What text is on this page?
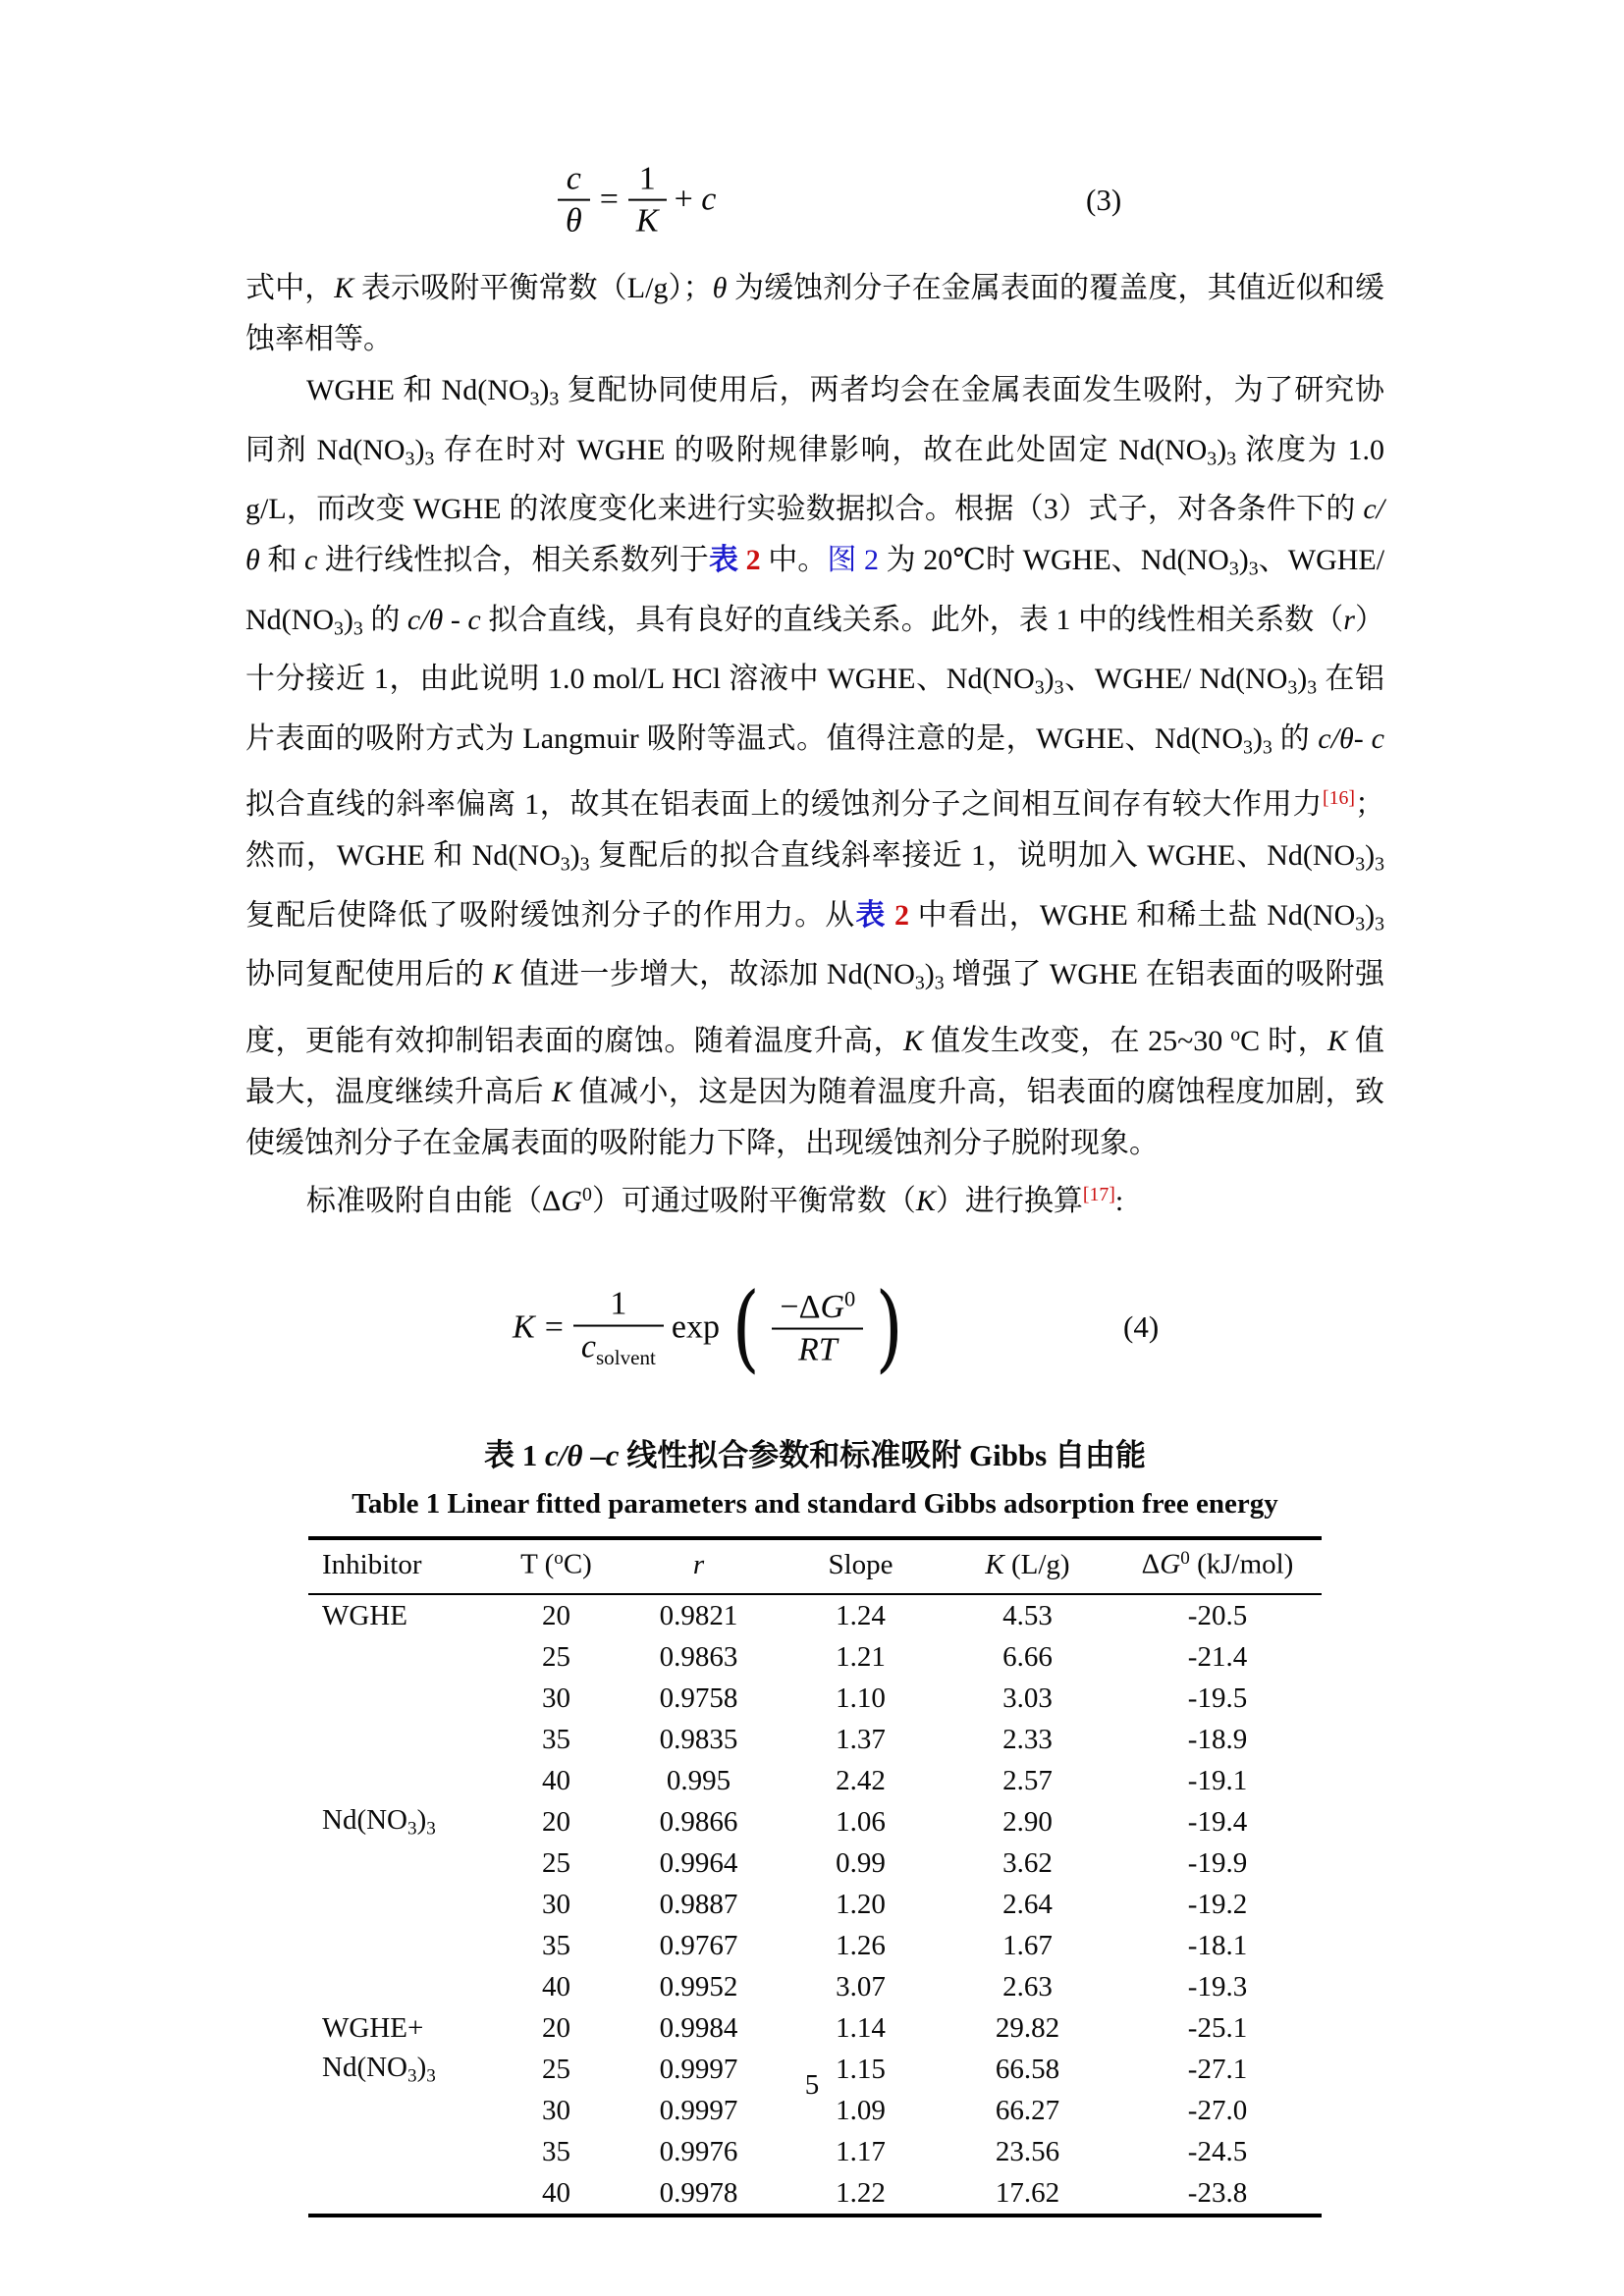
$\frac{c}{\theta} = \frac{1}{K} + c$	(3)

式中，K 表示吸附平衡常数（L/g）；θ 为缓蚀剂分子在金属表面的覆盖度，其值近似和缓蚀率相等。

WGHE 和 Nd(NO3)3 复配协同使用后，两者均会在金属表面发生吸附，为了研究协同剂 Nd(NO3)3 存在时对 WGHE 的吸附规律影响，故在此处固定 Nd(NO3)3 浓度为 1.0 g/L，而改变 WGHE 的浓度变化来进行实验数据拟合。根据（3）式子，对各条件下的 c/θ 和 c 进行线性拟合，相关系数列于表 2 中。图 2 为 20℃时 WGHE、Nd(NO3)3、WGHE/ Nd(NO3)3 的 c/θ - c 拟合直线，具有良好的直线关系。此外，表 1 中的线性相关系数（r）十分接近 1，由此说明 1.0 mol/L HCl 溶液中 WGHE、Nd(NO3)3、WGHE/ Nd(NO3)3 在铝片表面的吸附方式为 Langmuir 吸附等温式。值得注意的是，WGHE、Nd(NO3)3 的 c/θ- c 拟合直线的斜率偏离 1，故其在铝表面上的缓蚀剂分子之间相互间存有较大作用力[16]；然而，WGHE 和 Nd(NO3)3 复配后的拟合直线斜率接近 1，说明加入 WGHE、Nd(NO3)3 复配后使降低了吸附缓蚀剂分子的作用力。从表 2 中看出，WGHE 和稀土盐 Nd(NO3)3 协同复配使用后的 K 值进一步增大，故添加 Nd(NO3)3 增强了 WGHE 在铝表面的吸附强度，更能有效抑制铝表面的腐蚀。随着温度升高，K 值发生改变，在 25~30 $^o$C 时，K 值最大，温度继续升高后 K 值减小，这是因为随着温度升高，铝表面的腐蚀程度加剧，致使缓蚀剂分子在金属表面的吸附能力下降，出现缓蚀剂分子脱附现象。

标准吸附自由能$(\Delta G^0)$可通过吸附平衡常数（K）进行换算[17]:

$K = \frac{1}{c_{solvent}}$ exp ( $\frac{-\Delta G^0}{RT}$ )	(4)
表 1 c/θ –c 线性拟合参数和标准吸附 Gibbs 自由能
Table 1 Linear fitted parameters and standard Gibbs adsorption free energy
Inhibitor	T ($^o$C)	r	Slope	K (L/g)	$\Delta G^0$ (kJ/mol)
WGHE	20	0.9821	1.24	4.53	-20.5
	25	0.9863	1.21	6.66	-21.4
	30	0.9758	1.10	3.03	-19.5
	35	0.9835	1.37	2.33	-18.9
	40	0.995	2.42	2.57	-19.1
Nd(NO3)3	20	0.9866	1.06	2.90	-19.4
	25	0.9964	0.99	3.62	-19.9
	30	0.9887	1.20	2.64	-19.2
	35	0.9767	1.26	1.67	-18.1
	40	0.9952	3.07	2.63	-19.3
WGHE+	20	0.9984	1.14	29.82	-25.1
Nd(NO3)3	25	0.9997	1.15	66.58	-27.1
	30	0.9997	1.09	66.27	-27.0
	35	0.9976	1.17	23.56	-24.5
	40	0.9978	1.22	17.62	-23.8
5
